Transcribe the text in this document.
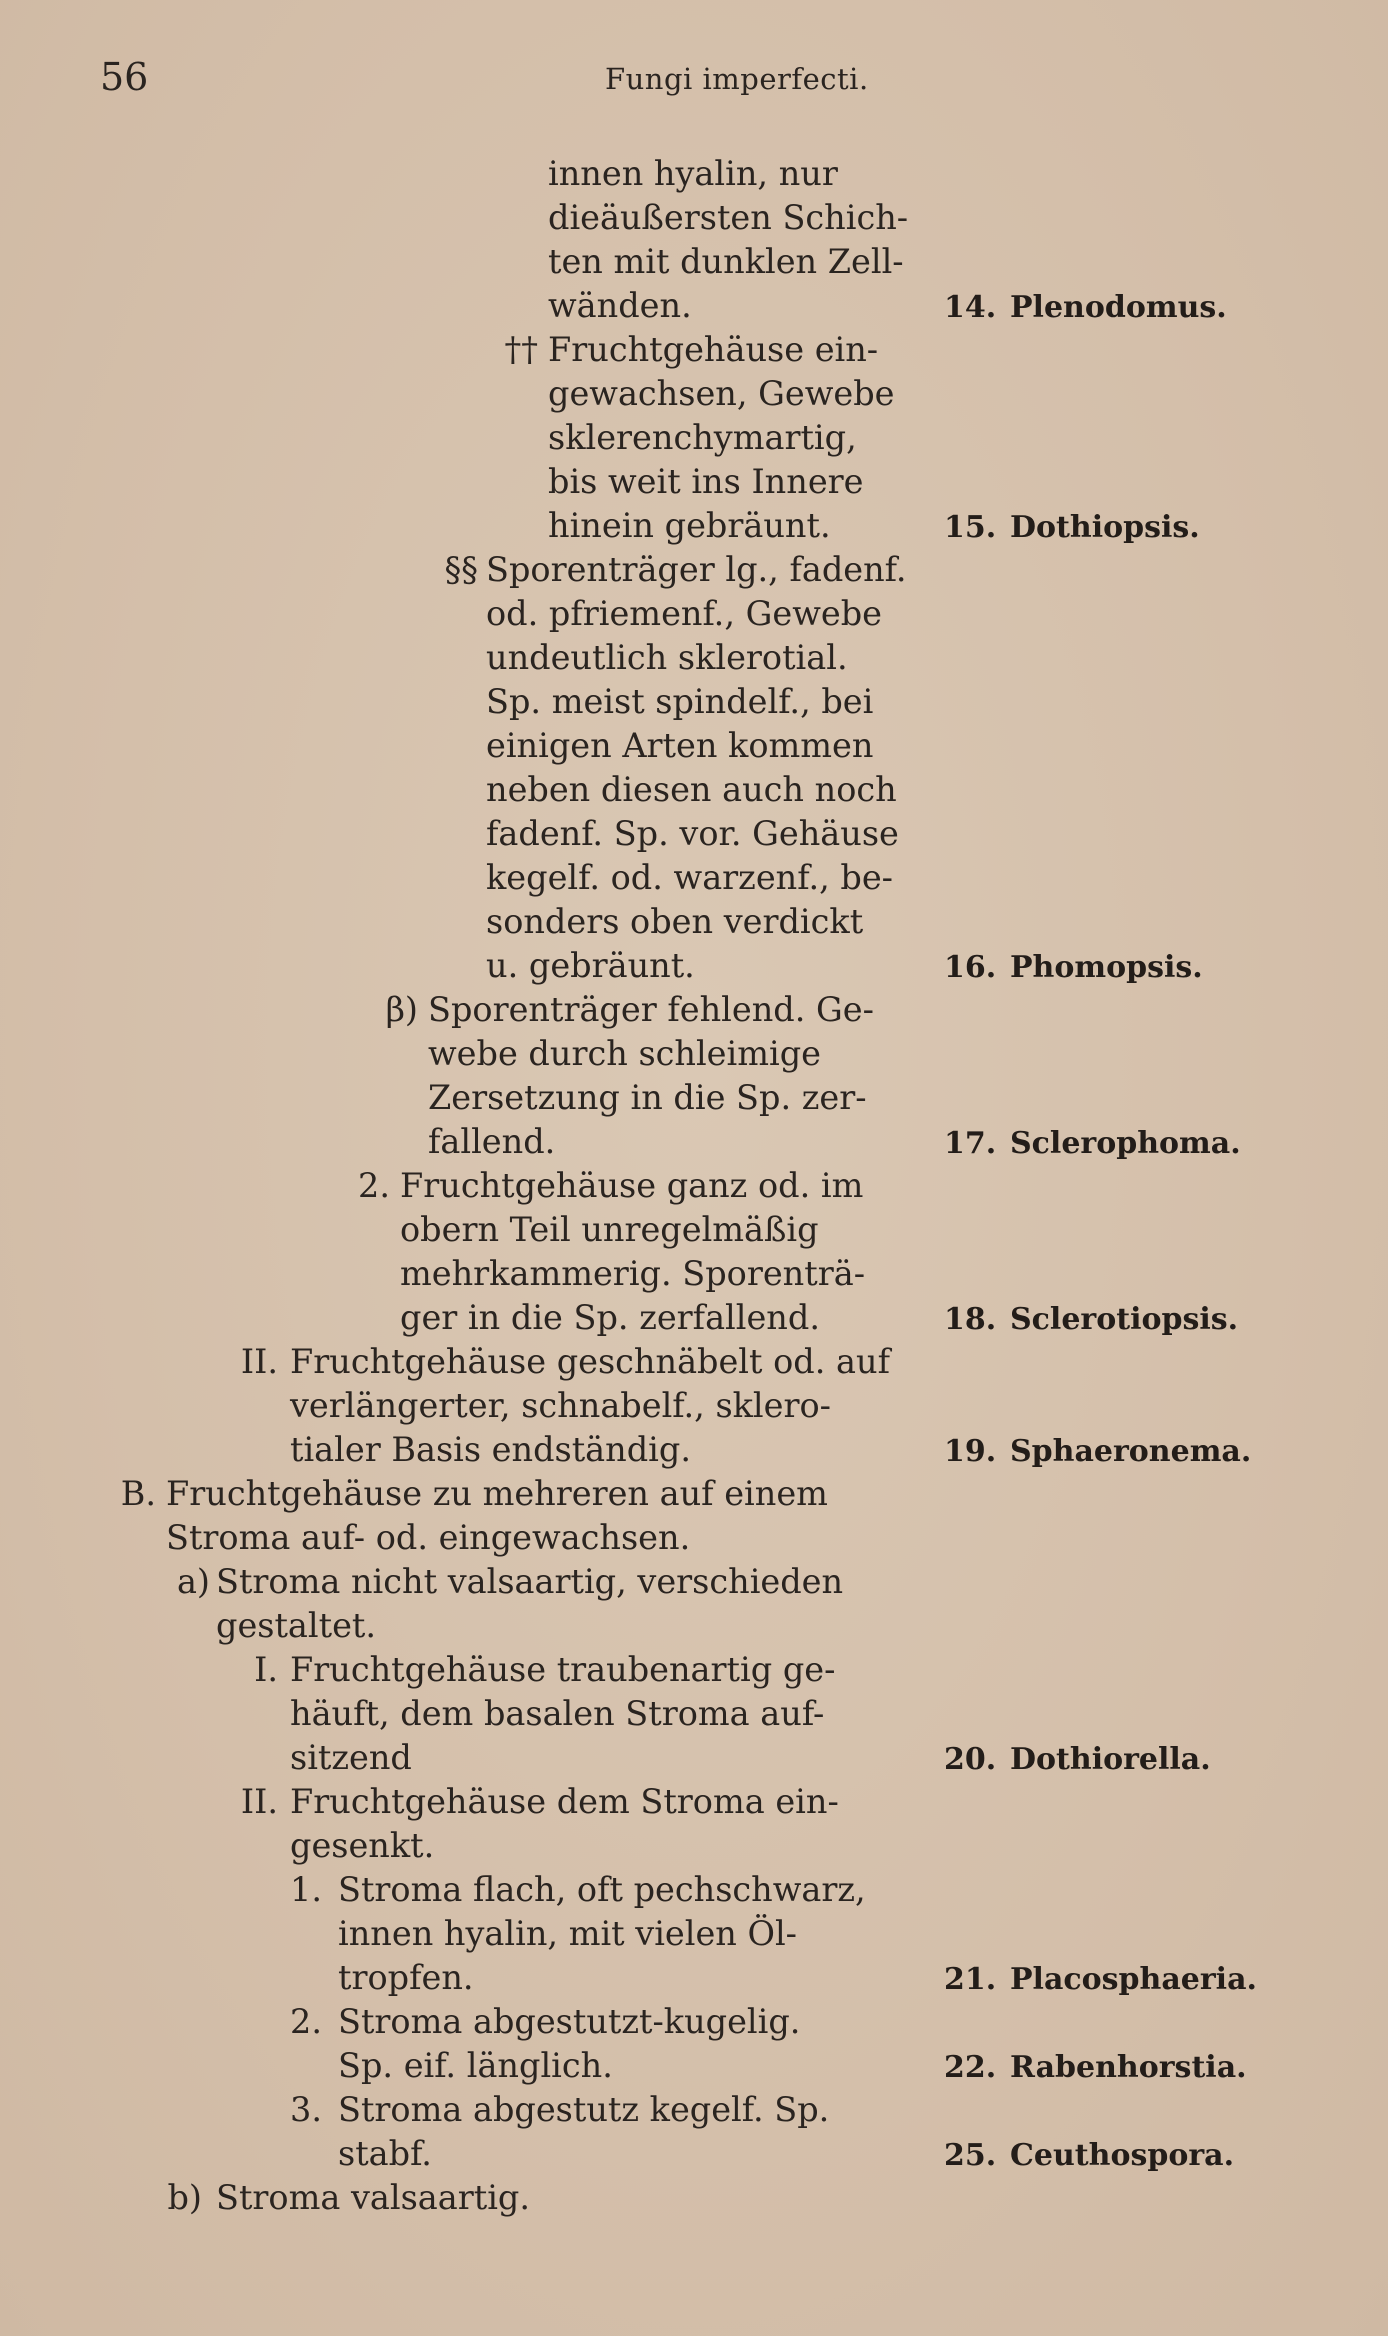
56	Fungi imperfecti.
innen hyalin, nur
dieäußersten Schich-
ten mit dunklen Zell-
wänden.
†† Fruchtgehäuse ein-
gewachsen, Gewebe
sklerenchymartig,
bis weit ins Innere
hinein gebräunt.
§§ Sporenträger lg., fadenf.
od. pfriemenf., Gewebe
undeutlich sklerotial.
Sp. meist spindelf., bei
einigen Arten kommen
neben diesen auch noch
fadenf. Sp. vor. Gehäuse
kegelf. od. warzenf., be-
sonders oben verdickt
u. gebräunt.
β) Sporenträger fehlend. Ge-
webe durch schleimige
Zersetzung in die Sp. zer-
fallend.
2. Fruchtgehäuse ganz od. im
obern Teil unregelmäßig
mehrkammerig. Sporenträ-
ger in die Sp. zerfallend.
II. Fruchtgehäuse geschnäbelt od. auf
verlängerter, schnabelf., sklero-
tialer Basis endständig.
B. Fruchtgehäuse zu mehreren auf einem
Stroma auf- od. eingewachsen.
a) Stroma nicht valsaartig, verschieden
gestaltet.
I. Fruchtgehäuse traubenartig ge-
häuft, dem basalen Stroma auf-
sitzend
II. Fruchtgehäuse dem Stroma ein-
gesenkt.
1. Stroma flach, oft pechschwarz,
innen hyalin, mit vielen Öl-
tropfen.
2. Stroma abgestutzt-kugelig.
Sp. eif. länglich.
3. Stroma abgestutz kegelf. Sp.
stabf.
b) Stroma valsaartig.
14. Plenodomus.
15. Dothiopsis.
16. Phomopsis.
17. Sclerophoma.
18. Sclerotiopsis.
19. Sphaeronema.
20. Dothiorella.
21. Placosphaeria.
22. Rabenhorstia.
25. Ceuthospora.
